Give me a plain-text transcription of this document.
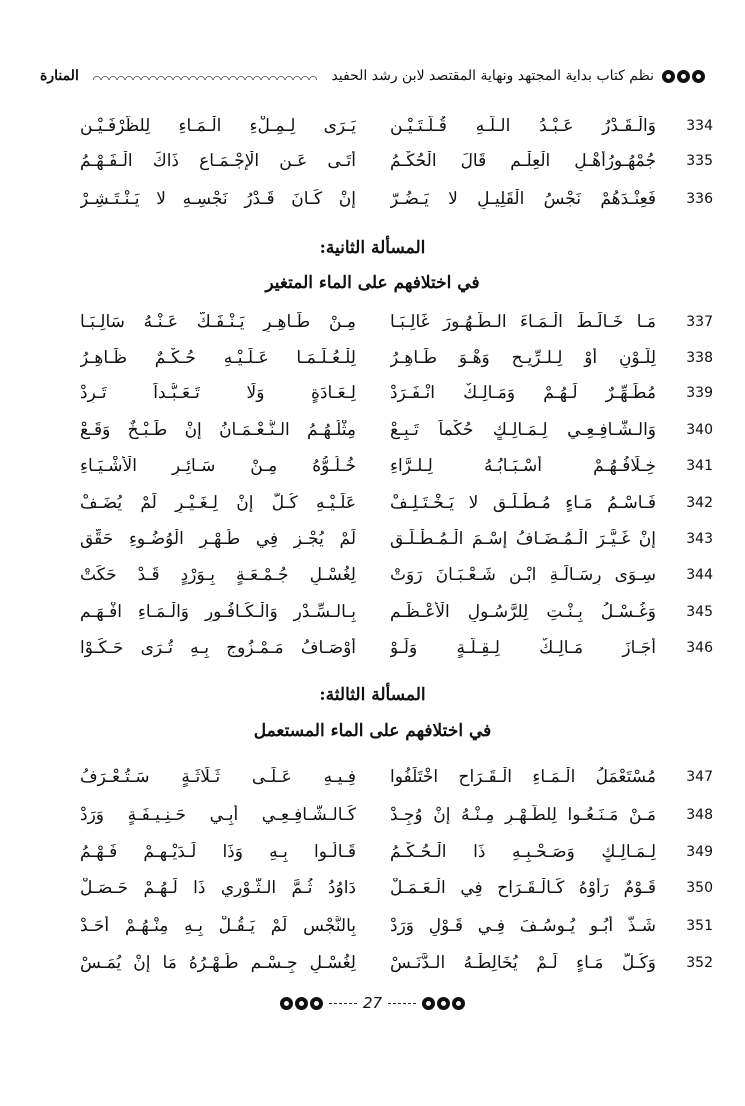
نظم كتاب بداية المجتهد ونهاية المقتصد لابن رشد الحفيد
المنارة
334
وَالْـقَـدْرُ عَـبْـدُ الـلَّـهِ قُـلَّـتَـيْـنِ
يَـرَى لِـمِـلْءِ الْـمَـاءِ لِلظَّرْفَـيْـنِ
335
جُمْهُـورُأَهْـلِ الْعِلْـمِ قَالَ الْحُكْـمُ
أَتَـى عَـنِ الْإِجْـمَـاعِ ذَاكَ الْـفَـهْـمُ
336
فَعِنْـدَهُمْ نَجْسُ الْقَلِيـلِ لا يَـضُـرّ
إِنْ كَـانَ قَـدْرُ نَجْسِـهِ لا يَـنْـتَـشِـرْ
المسألة الثانية:
في اختلافهم على الماء المتغير
337
مَـا خَـالَـطَ الْـمَـاءَ الـطَّـهُـورَ غَالِـبَـا
مِـنْ طَـاهِـرٍ يَـنْـفَـكُّ عَـنْـهُ سَالِـبَـا
338
لِلَّـوْنِ أَوْ لِـلـرِّيـحِ وَهْـوَ طَـاهِـرُ
لِلْـعُـلَـمَـا عَـلَـيْـهِ حُـكْـمٌ ظَـاهِـرُ
339
مُطَـهِّـرٌ لَـهُـمْ وَمَـالِـكٌ انْـفَـرَدْ
لِـعَـادَةٍ وَلَا تَـعَـبُّـداً تَـرِدْ
340
وَالـشَّـافِـعِـي لِـمَـالِـكٍ حُكْماً تَـبِـعْ
مِثْلُـهُـمُ الـنُّـعْـمَـانُ إِنْ طَـبْـخٌ وَقَـعْ
341
خِـلَافُـهُـمْ أَسْـبَـابُـهُ لِـلـرَّاءِ
خُـلُـوُّهُ مِـنْ سَـائِـرِ الْأَشْـيَـاءِ
342
فَـاسْـمُ مَـاءٍ مُـطْـلَـقٍ لا يَـخْـتَـلِـفْ
عَلَـيْـهِ كُـلٌّ إِنْ لِـغَـيْـرٍ لَمْ يُضَـفْ
343
إِنْ غَـيَّـرَ الْـمُـضَـافُ إِسْـمَ الْـمُـطْـلَـقِ
لَمْ يُجْـزِ فِي طُـهْـرِ الْوُضُـوءِ حَقِّقِ
344
سِـوَى رِسَـالَـةِ ابْـنِ شَـعْـبَـانَ رَوَتْ
لِغُسْـلِ جُـمْـعَـةٍ بِـوَرْدٍ قَـدْ حَكَتْ
345
وَغُـسْـلُ بِـنْـتِ لِلرَّسُـولِ الْأَعْـظَـمِ
بِـالـسِّـدْرِ وَالْـكَـافُـورِ وَالْـمَـاءِ افْـهَـمِ
346
أَجَـازَ مَـالِـكٌ لِـقِـلَّـةٍ وَلَـوْ
أَوْصَـافُ مَـمْـزُوجٍ بِـهِ تُـرَى حَـكَـوْا
المسألة الثالثة:
في اختلافهم على الماء المستعمل
347
مُسْتَعْمَلُ الْـمَـاءِ الْـقَـرَاحِ اخْتَلَفُوا
فِـيـهِ عَـلَـى ثَـلَاثَـةٍ سَـتُـعْـرَفُ
348
مَـنْ مَـنَـعُـوا لِلطُّـهْـرِ مِـنْـهُ إِنْ وُجِـدْ
كَـالـشَّـافِـعِـي أَبِـي حَـنِـيـفَـةٍ وَرَدْ
349
لِـمَـالِـكٍ وَصَـحْـبِـهِ ذَا الْـحُـكْـمُ
قَـالُـوا بِـهِ وَذَا لَـدَيْـهِـمْ فَـهْـمُ
350
قَـوْمٌ رَأَوْهُ كَـالْـقَـرَاحِ فِي الْـعَـمَـلْ
دَاوُدُ ثُـمَّ الـثَّـوْرِي ذَا لَـهُـمْ حَـصَـلْ
351
شَـذَّ أَبُـو يُـوسُـفَ فِـي قَـوْلٍ وَرَدْ
بِالنَّجْسِ لَمْ يَـقُـلْ بِـهِ مِنْـهُـمْ أَحَـدْ
352
وَكُـلُّ مَـاءٍ لَـمْ يُخَالِطْـهُ الـدَّنَـسْ
لِغُسْـلِ جِـسْـمٍ طُـهْـرُهُ مَا إِنْ يُمَـسْ
27
